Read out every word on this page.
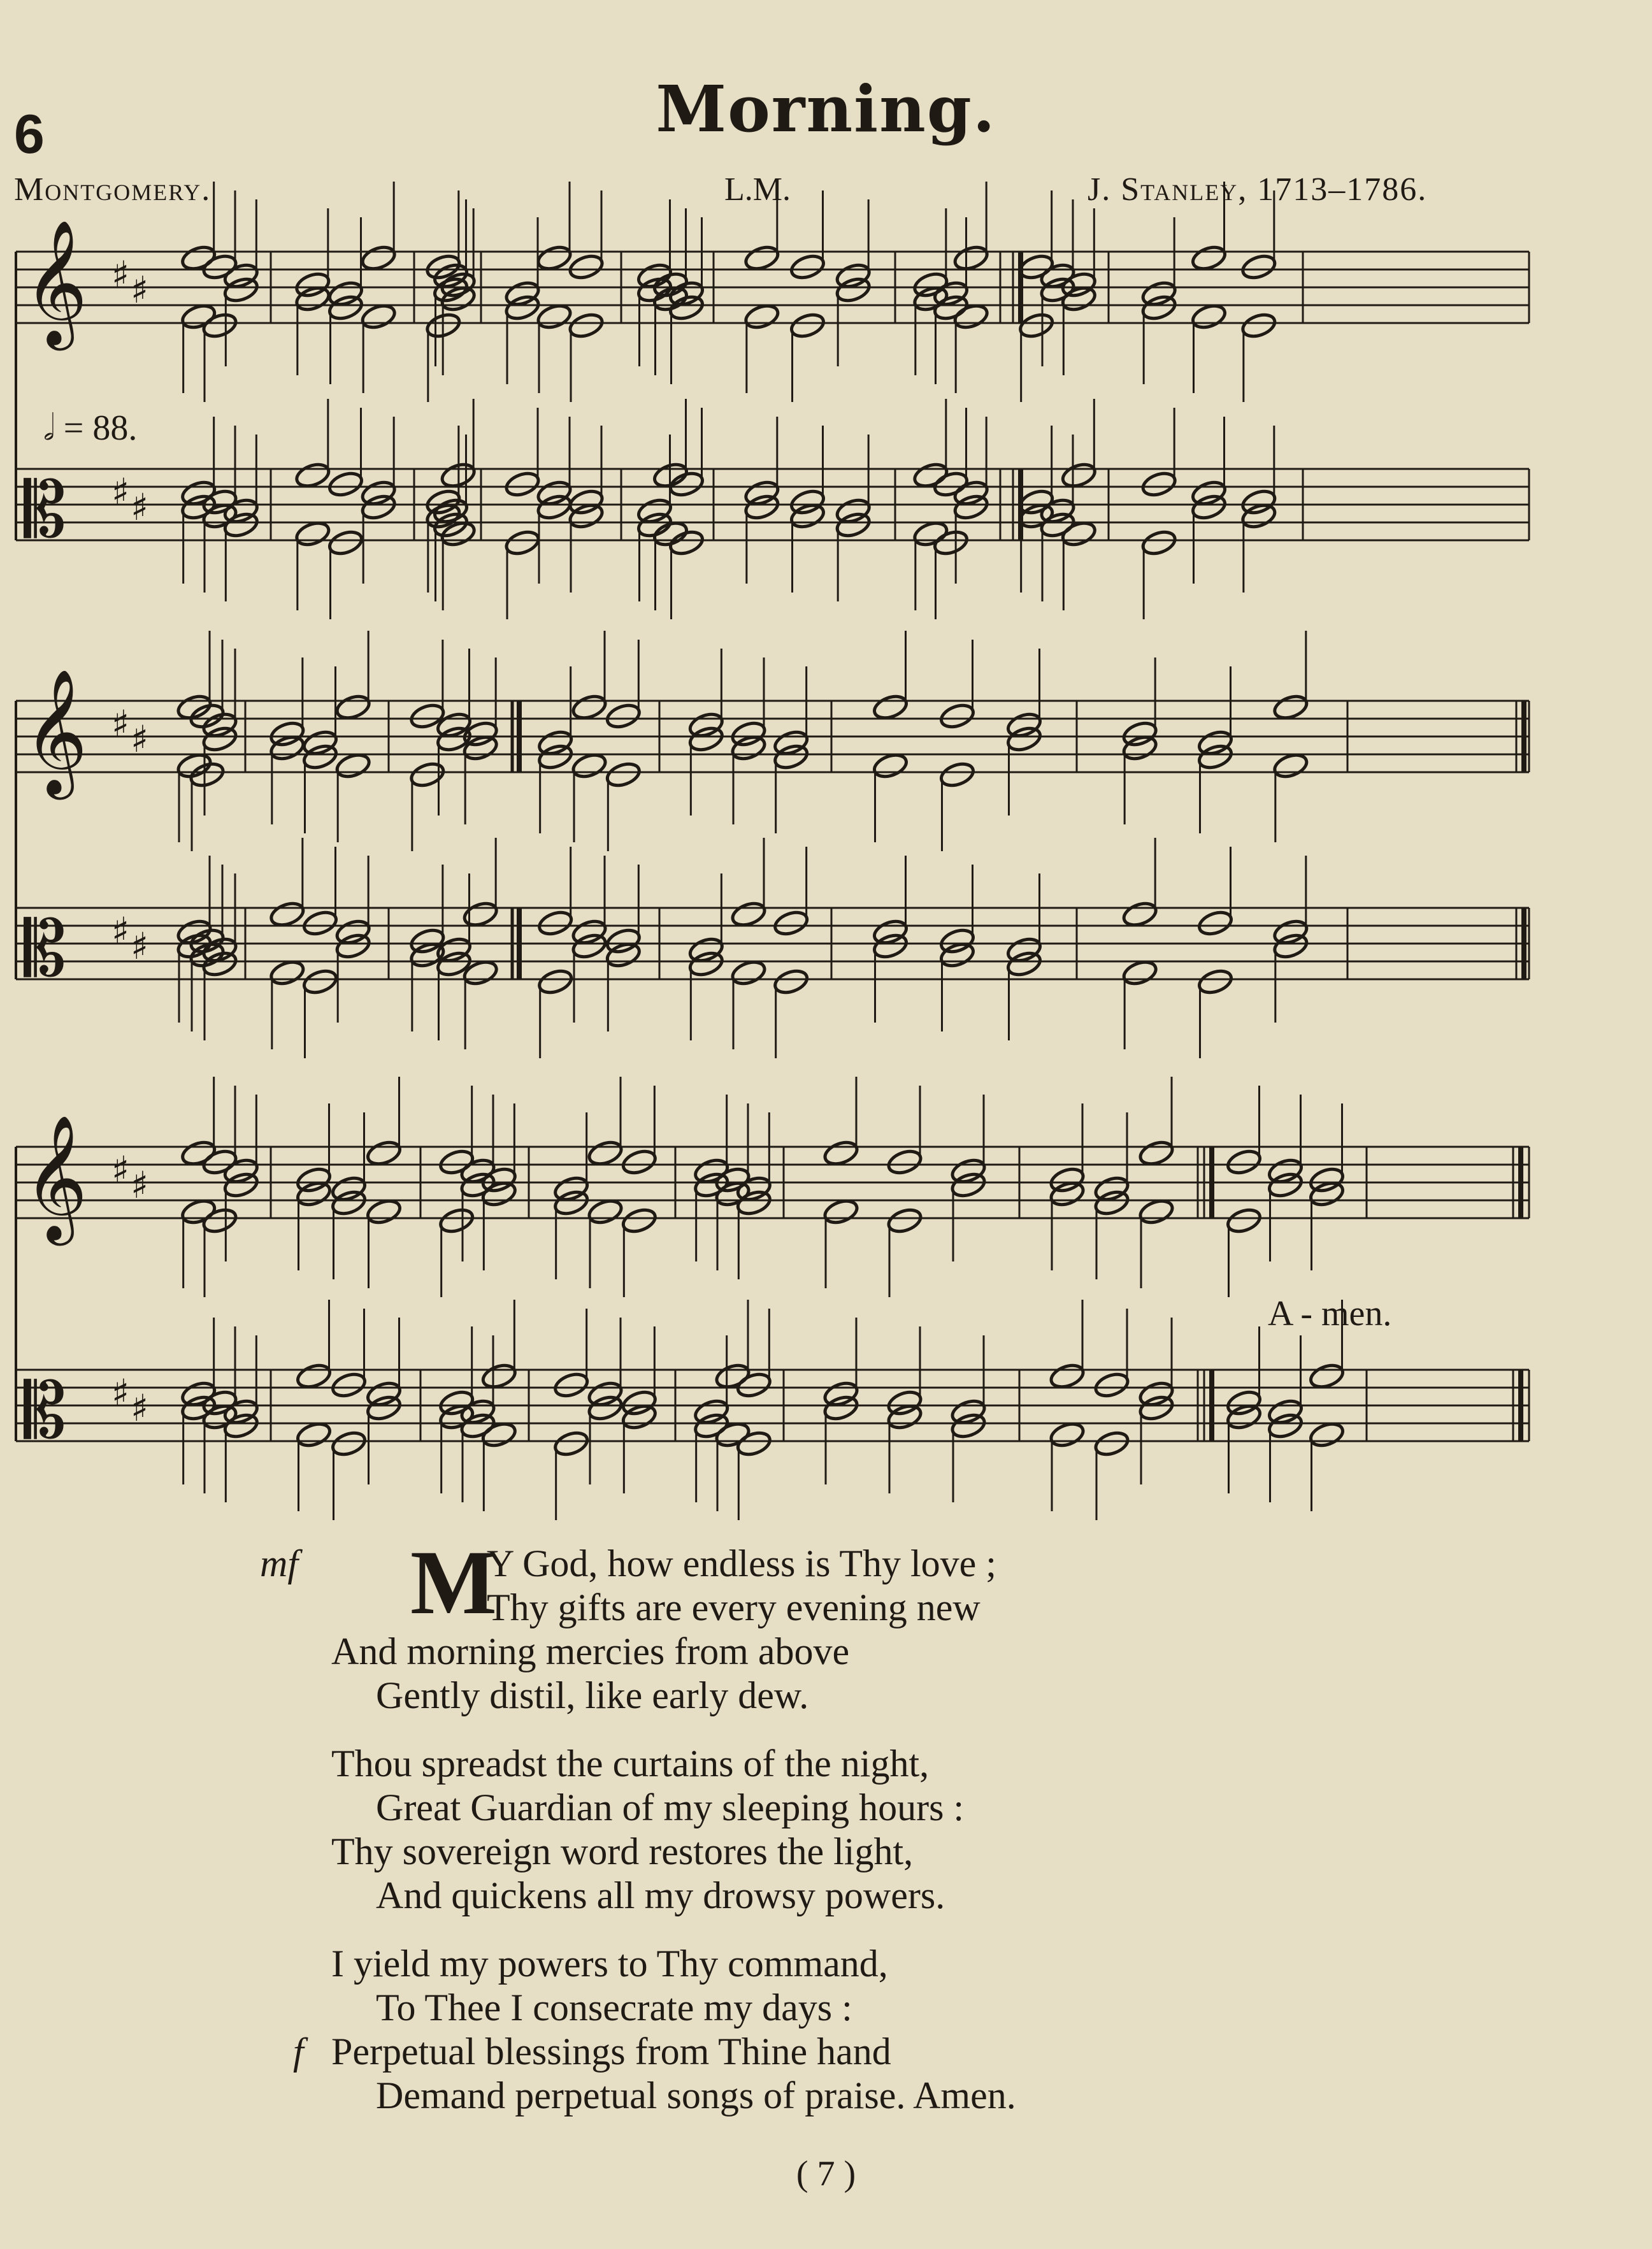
6	Morning.
Montgomery.	L.M.	J. Stanley, 1713–1786.
𝅗𝅥 = 88.
𝄞 ♯ ♯
𝄡 ♯ ♯
𝄞 ♯ ♯
𝄡 ♯ ♯
𝄞 ♯ ♯
𝄡 ♯ ♯
A - men.
mf M
Y God, how endless is Thy love ;
Thy gifts are every evening new
And morning mercies from above
Gently distil, like early dew.
Thou spreadst the curtains of the night,
Great Guardian of my sleeping hours :
Thy sovereign word restores the light,
And quickens all my drowsy powers.
I yield my powers to Thy command,
To Thee I consecrate my days :
f Perpetual blessings from Thine hand
Demand perpetual songs of praise. Amen.
( 7 )
